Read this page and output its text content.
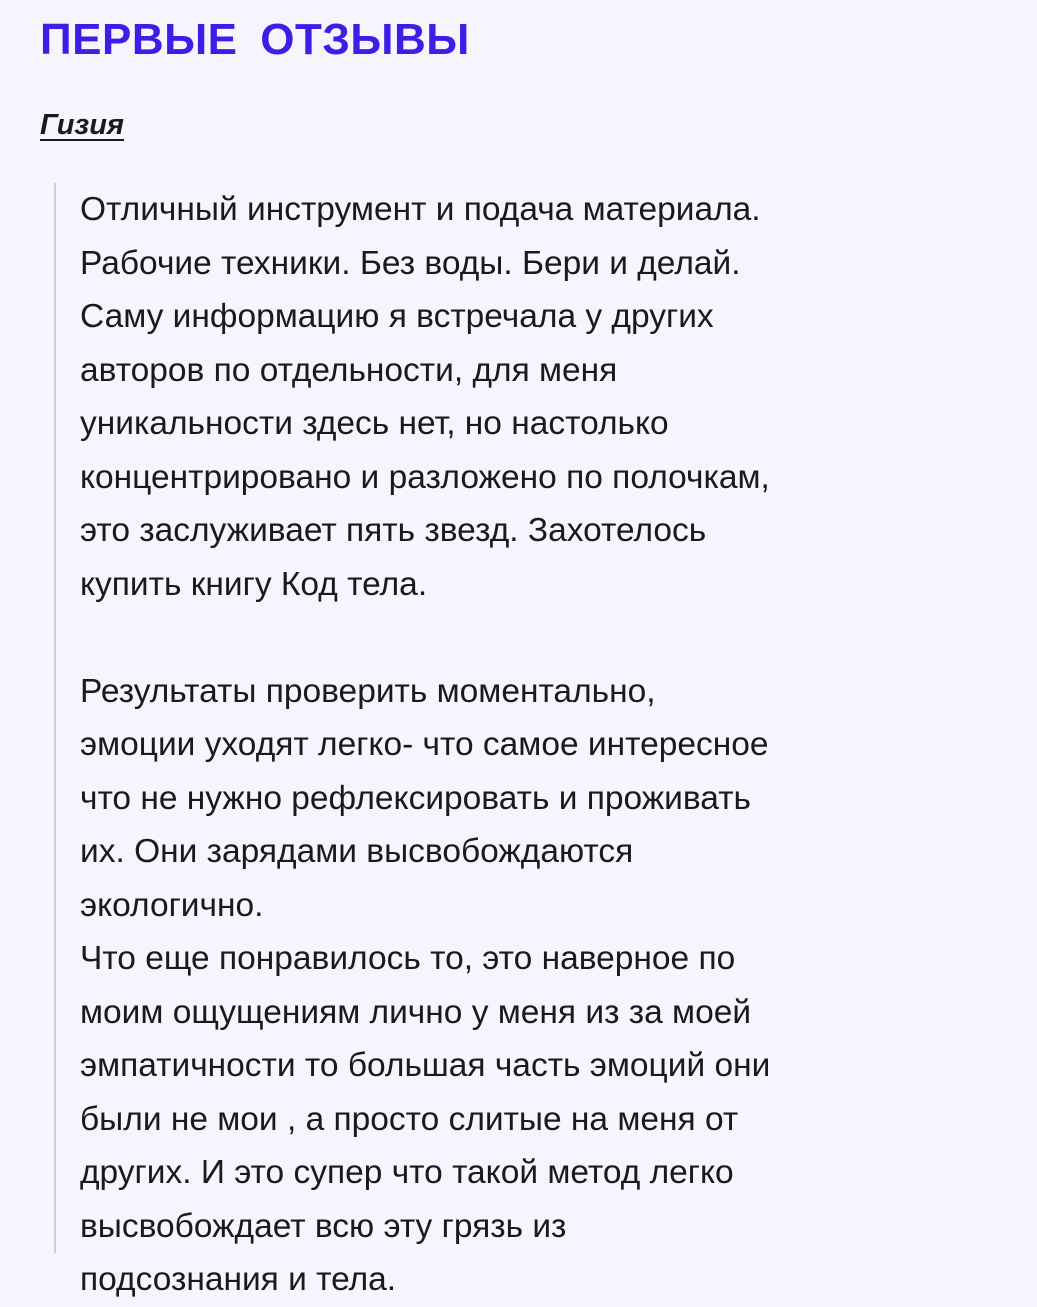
ПЕРВЫЕ ОТЗЫВЫ
Гизия

Отличный инструмент и подача материала.
Рабочие техники. Без воды. Бери и делай.
Саму информацию я встречала у других
авторов по отдельности, для меня
уникальности здесь нет, но настолько
концентрировано и разложено по полочкам,
это заслуживает пять звезд. Захотелось
купить книгу Код тела.

Результаты проверить моментально,
эмоции уходят легко- что самое интересное
что не нужно рефлексировать и проживать
их. Они зарядами высвобождаются
экологично.
Что еще понравилось то, это наверное по
моим ощущениям лично у меня из за моей
эмпатичности то большая часть эмоций они
были не мои , а просто слитые на меня от
других. И это супер что такой метод легко
высвобождает всю эту грязь из
подсознания и тела.
